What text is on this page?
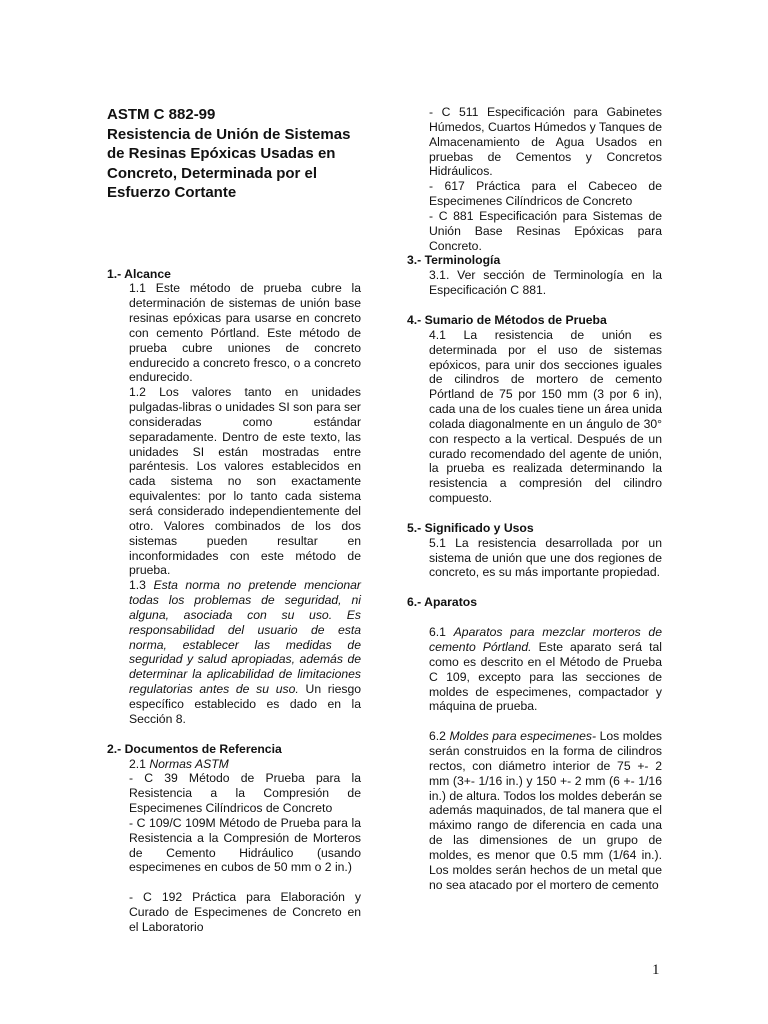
ASTM C 882-99
Resistencia de Unión de Sistemas
de Resinas Epóxicas Usadas en
Concreto, Determinada por el
Esfuerzo Cortante
1.- Alcance
1.1 Este método de prueba cubre la determinación de sistemas de unión base resinas epóxicas para usarse en concreto con cemento Pórtland. Este método de prueba cubre uniones de concreto endurecido a concreto fresco, o a concreto endurecido.
1.2 Los valores tanto en unidades pulgadas-libras o unidades SI son para ser consideradas como estándar separadamente. Dentro de este texto, las unidades SI están mostradas entre paréntesis. Los valores establecidos en cada sistema no son exactamente equivalentes: por lo tanto cada sistema será considerado independientemente del otro. Valores combinados de los dos sistemas pueden resultar en inconformidades con este método de prueba.
1.3 Esta norma no pretende mencionar todas los problemas de seguridad, ni alguna, asociada con su uso. Es responsabilidad del usuario de esta norma, establecer las medidas de seguridad y salud apropiadas, además de determinar la aplicabilidad de limitaciones regulatorias antes de su uso. Un riesgo específico establecido es dado en la Sección 8.
2.- Documentos de Referencia
2.1 Normas ASTM
- C 39 Método de Prueba para la Resistencia a la Compresión de Especimenes Cilíndricos de Concreto
- C 109/C 109M Método de Prueba para la Resistencia a la Compresión de Morteros de Cemento Hidráulico (usando especimenes en cubos de 50 mm o 2 in.)
- C 192 Práctica para Elaboración y Curado de Especimenes de Concreto en el Laboratorio
- C 511 Especificación para Gabinetes Húmedos, Cuartos Húmedos y Tanques de Almacenamiento de Agua Usados en pruebas de Cementos y Concretos Hidráulicos.
- 617 Práctica para el Cabeceo de Especimenes Cilíndricos de Concreto
- C 881 Especificación para Sistemas de Unión Base Resinas Epóxicas para Concreto.
3.- Terminología
3.1. Ver sección de Terminología en la Especificación C 881.
4.- Sumario de Métodos de Prueba
4.1 La resistencia de unión es determinada por el uso de sistemas epóxicos, para unir dos secciones iguales de cilindros de mortero de cemento Pórtland de 75 por 150 mm (3 por 6 in), cada una de los cuales tiene un área unida colada diagonalmente en un ángulo de 30° con respecto a la vertical. Después de un curado recomendado del agente de unión, la prueba es realizada determinando la resistencia a compresión del cilindro compuesto.
5.- Significado y Usos
5.1 La resistencia desarrollada por un sistema de unión que une dos regiones de concreto, es su más importante propiedad.
6.- Aparatos
6.1 Aparatos para mezclar morteros de cemento Pórtland. Este aparato será tal como es descrito en el Método de Prueba C 109, excepto para las secciones de moldes de especimenes, compactador y máquina de prueba.
6.2 Moldes para especimenes- Los moldes serán construidos en la forma de cilindros rectos, con diámetro interior de 75 +- 2 mm (3+- 1/16 in.) y 150 +- 2 mm (6 +- 1/16 in.) de altura. Todos los moldes deberán se además maquinados, de tal manera que el máximo rango de diferencia en cada una de las dimensiones de un grupo de moldes, es menor que 0.5 mm (1/64 in.). Los moldes serán hechos de un metal que no sea atacado por el mortero de cemento
1
